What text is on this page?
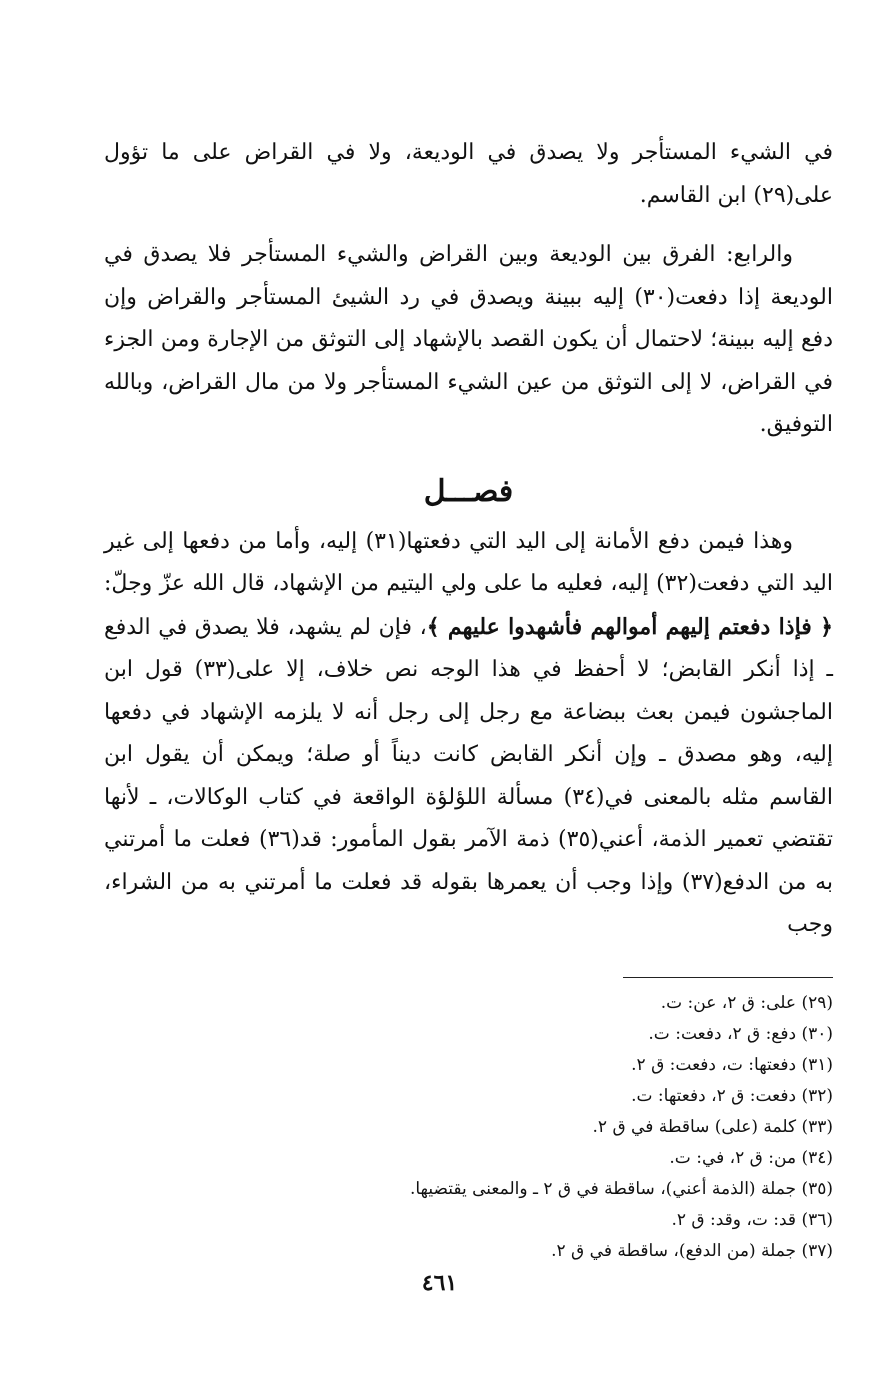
في الشيء المستأجر ولا يصدق في الوديعة، ولا في القراض على ما تؤول على(٢٩) ابن القاسم.

والرابع: الفرق بين الوديعة وبين القراض والشيء المستأجر فلا يصدق في الوديعة إذا دفعت(٣٠) إليه ببينة ويصدق في رد الشيئ المستأجر والقراض وإن دفع إليه ببينة؛ لاحتمال أن يكون القصد بالإشهاد إلى التوثق من الإجارة ومن الجزء في القراض، لا إلى التوثق من عين الشيء المستأجر ولا من مال القراض، وبالله التوفيق.

فصـــل

وهذا فيمن دفع الأمانة إلى اليد التي دفعتها(٣١) إليه، وأما من دفعها إلى غير اليد التي دفعت(٣٢) إليه، فعليه ما على ولي اليتيم من الإشهاد، قال الله عزّ وجلّ: ﴿ فإذا دفعتم إليهم أموالهم فأشهدوا عليهم ﴾، فإن لم يشهد، فلا يصدق في الدفع ـ إذا أنكر القابض؛ لا أحفظ في هذا الوجه نص خلاف، إلا على(٣٣) قول ابن الماجشون فيمن بعث ببضاعة مع رجل إلى رجل أنه لا يلزمه الإشهاد في دفعها إليه، وهو مصدق ـ وإن أنكر القابض كانت ديناً أو صلة؛ ويمكن أن يقول ابن القاسم مثله بالمعنى في(٣٤) مسألة اللؤلؤة الواقعة في كتاب الوكالات، ـ لأنها تقتضي تعمير الذمة، أعني(٣٥) ذمة الآمر بقول المأمور: قد(٣٦) فعلت ما أمرتني به من الدفع(٣٧) وإذا وجب أن يعمرها بقوله قد فعلت ما أمرتني به من الشراء، وجب

(٢٩) على: ق ٢، عن: ت.
(٣٠) دفع: ق ٢، دفعت: ت.
(٣١) دفعتها: ت، دفعت: ق ٢.
(٣٢) دفعت: ق ٢، دفعتها: ت.
(٣٣) كلمة (على) ساقطة في ق ٢.
(٣٤) من: ق ٢، في: ت.
(٣٥) جملة (الذمة أعني)، ساقطة في ق ٢ ـ والمعنى يقتضيها.
(٣٦) قد: ت، وقد: ق ٢.
(٣٧) جملة (من الدفع)، ساقطة في ق ٢.
٤٦١
